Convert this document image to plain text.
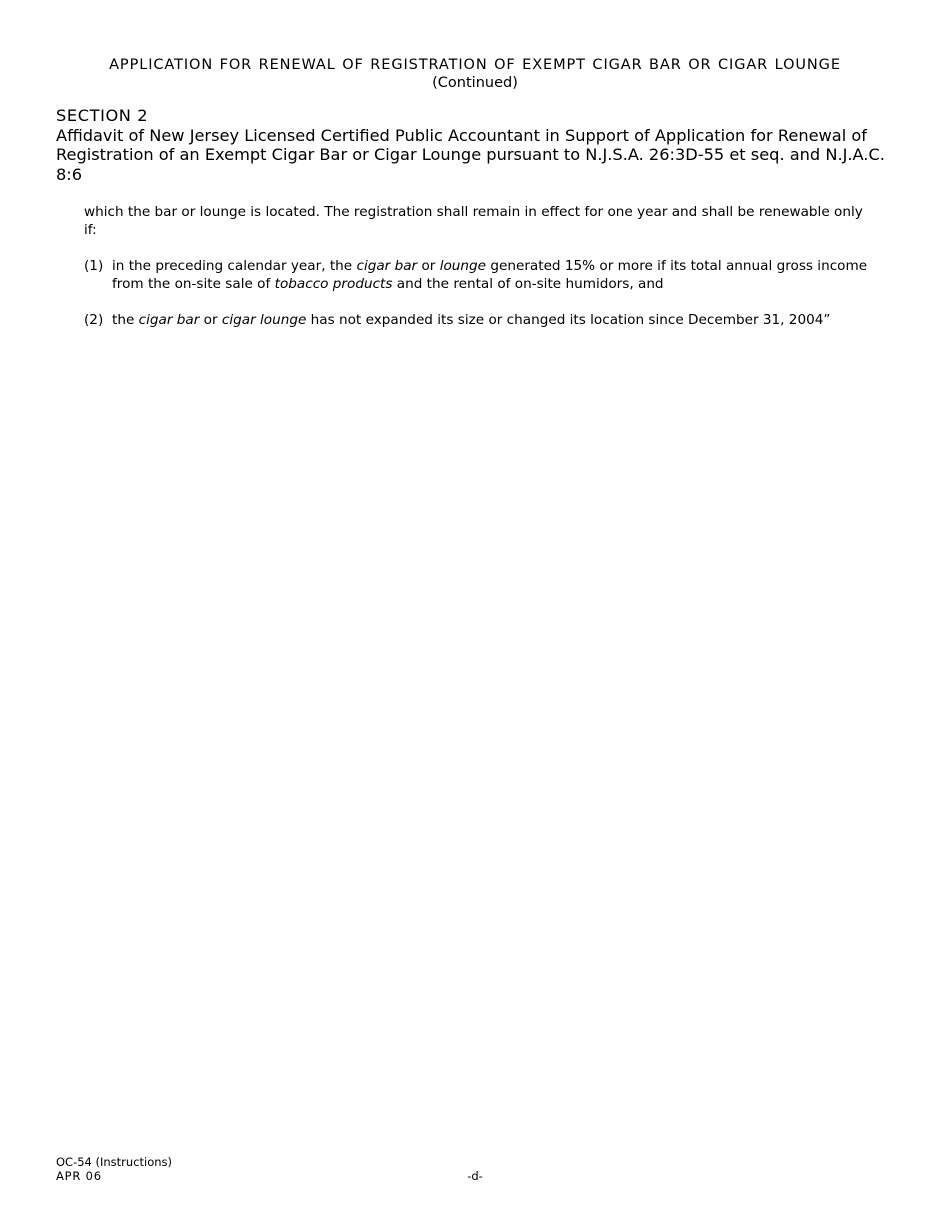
APPLICATION FOR RENEWAL OF REGISTRATION OF EXEMPT CIGAR BAR OR CIGAR LOUNGE
(Continued)
SECTION 2
Affidavit of New Jersey Licensed Certified Public Accountant in Support of Application for Renewal of Registration of an Exempt Cigar Bar or Cigar Lounge pursuant to N.J.S.A. 26:3D-55 et seq. and N.J.A.C. 8:6

which the bar or lounge is located. The registration shall remain in effect for one year and shall be renewable only if:

(1) in the preceding calendar year, the cigar bar or lounge generated 15% or more if its total annual gross income from the on-site sale of tobacco products and the rental of on-site humidors, and
(2) the cigar bar or cigar lounge has not expanded its size or changed its location since December 31, 2004”
OC-54 (Instructions)
APR 06	-d-
